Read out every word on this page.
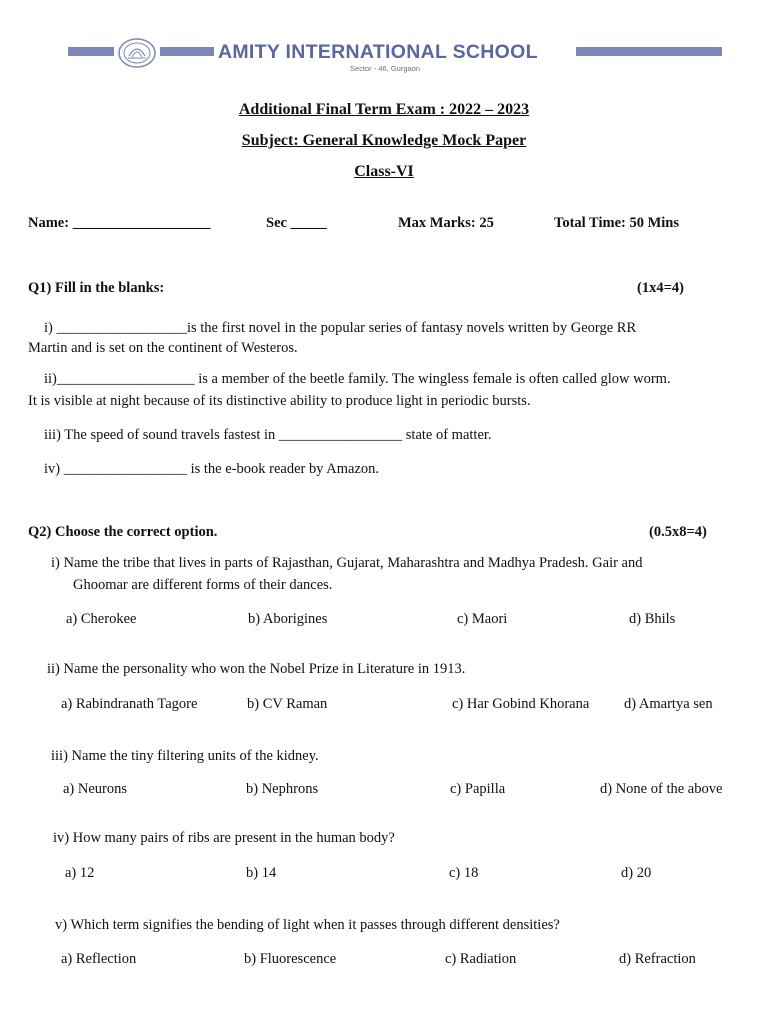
AMITY INTERNATIONAL SCHOOL
Sector - 46, Gurgaon
Additional Final Term Exam : 2022 – 2023
Subject: General Knowledge Mock Paper
Class-VI
Name: ___________________	Sec _____	Max Marks: 25	Total Time: 50 Mins
Q1) Fill in the blanks:	(1x4=4)
i) __________________is the first novel in the popular series of fantasy novels written by George RR
Martin and is set on the continent of Westeros.
ii)___________________ is a member of the beetle family. The wingless female is often called glow worm.
It is visible at night because of its distinctive ability to produce light in periodic bursts.
iii) The speed of sound travels fastest in _________________ state of matter.
iv) _________________ is the e-book reader by Amazon.
Q2) Choose the correct option.	(0.5x8=4)
i) Name the tribe that lives in parts of Rajasthan, Gujarat, Maharashtra and Madhya Pradesh. Gair and
Ghoomar are different forms of their dances.
a) Cherokee	b) Aborigines	c) Maori	d) Bhils
ii) Name the personality who won the Nobel Prize in Literature in 1913.
a) Rabindranath Tagore	b) CV Raman	c) Har Gobind Khorana d) Amartya sen
iii) Name the tiny filtering units of the kidney.
a) Neurons	b) Nephrons	c) Papilla	d) None of the above
iv) How many pairs of ribs are present in the human body?
a) 12	b) 14	c) 18	d) 20
v) Which term signifies the bending of light when it passes through different densities?
a) Reflection	b) Fluorescence	c) Radiation	d) Refraction
